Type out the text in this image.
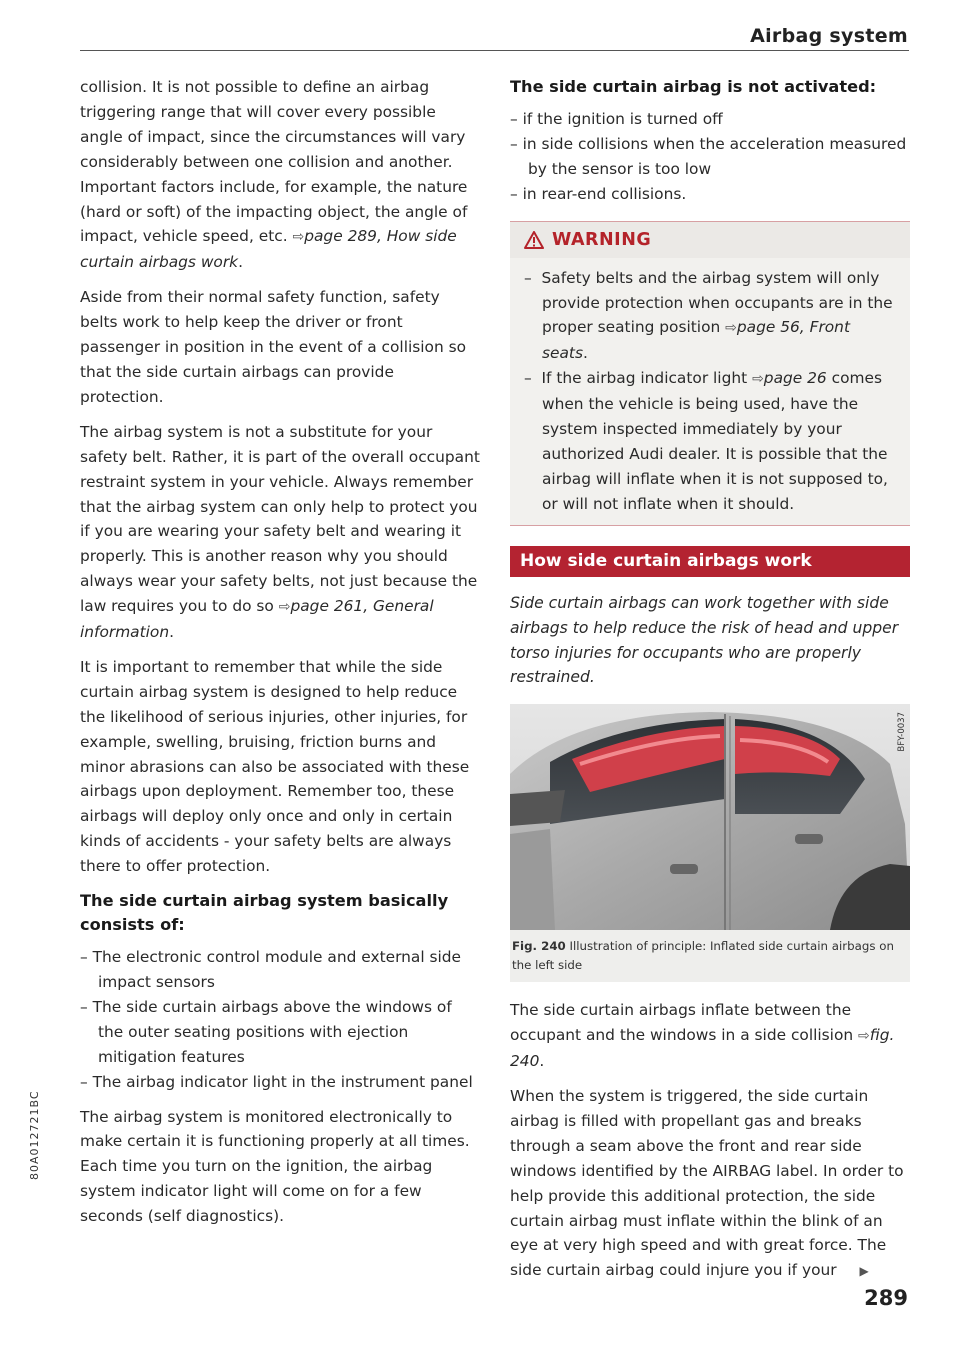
Airbag system

collision. It is not possible to define an airbag triggering range that will cover every possible angle of impact, since the circumstances will vary considerably between one collision and another. Important factors include, for example, the nature (hard or soft) of the impacting object, the angle of impact, vehicle speed, etc. ⇨page 289, How side curtain airbags work.

Aside from their normal safety function, safety belts work to help keep the driver or front passenger in position in the event of a collision so that the side curtain airbags can provide protection.

The airbag system is not a substitute for your safety belt. Rather, it is part of the overall occupant restraint system in your vehicle. Always remember that the airbag system can only help to protect you if you are wearing your safety belt and wearing it properly. This is another reason why you should always wear your safety belts, not just because the law requires you to do so ⇨page 261, General information.

It is important to remember that while the side curtain airbag system is designed to help reduce the likelihood of serious injuries, other injuries, for example, swelling, bruising, friction burns and minor abrasions can also be associated with these airbags upon deployment. Remember too, these airbags will deploy only once and only in certain kinds of accidents - your safety belts are always there to offer protection.

The side curtain airbag system basically consists of:
– The electronic control module and external side impact sensors
– The side curtain airbags above the windows of the outer seating positions with ejection mitigation features
– The airbag indicator light in the instrument panel

The airbag system is monitored electronically to make certain it is functioning properly at all times. Each time you turn on the ignition, the airbag system indicator light will come on for a few seconds (self diagnostics).

The side curtain airbag is not activated:
– if the ignition is turned off
– in side collisions when the acceleration measured by the sensor is too low
– in rear-end collisions.
WARNING
– Safety belts and the airbag system will only provide protection when occupants are in the proper seating position ⇨page 56, Front seats.
– If the airbag indicator light ⇨page 26 comes when the vehicle is being used, have the system inspected immediately by your authorized Audi dealer. It is possible that the airbag will inflate when it is not supposed to, or will not inflate when it should.
How side curtain airbags work

Side curtain airbags can work together with side airbags to help reduce the risk of head and upper torso injuries for occupants who are properly restrained.

BFY-0037
Fig. 240 Illustration of principle: Inflated side curtain airbags on the left side

The side curtain airbags inflate between the occupant and the windows in a side collision ⇨fig. 240.

When the system is triggered, the side curtain airbag is filled with propellant gas and breaks through a seam above the front and rear side windows identified by the AIRBAG label. In order to help provide this additional protection, the side curtain airbag must inflate within the blink of an eye at very high speed and with great force. The side curtain airbag could injure you if your ▶

80A012721BC
289
